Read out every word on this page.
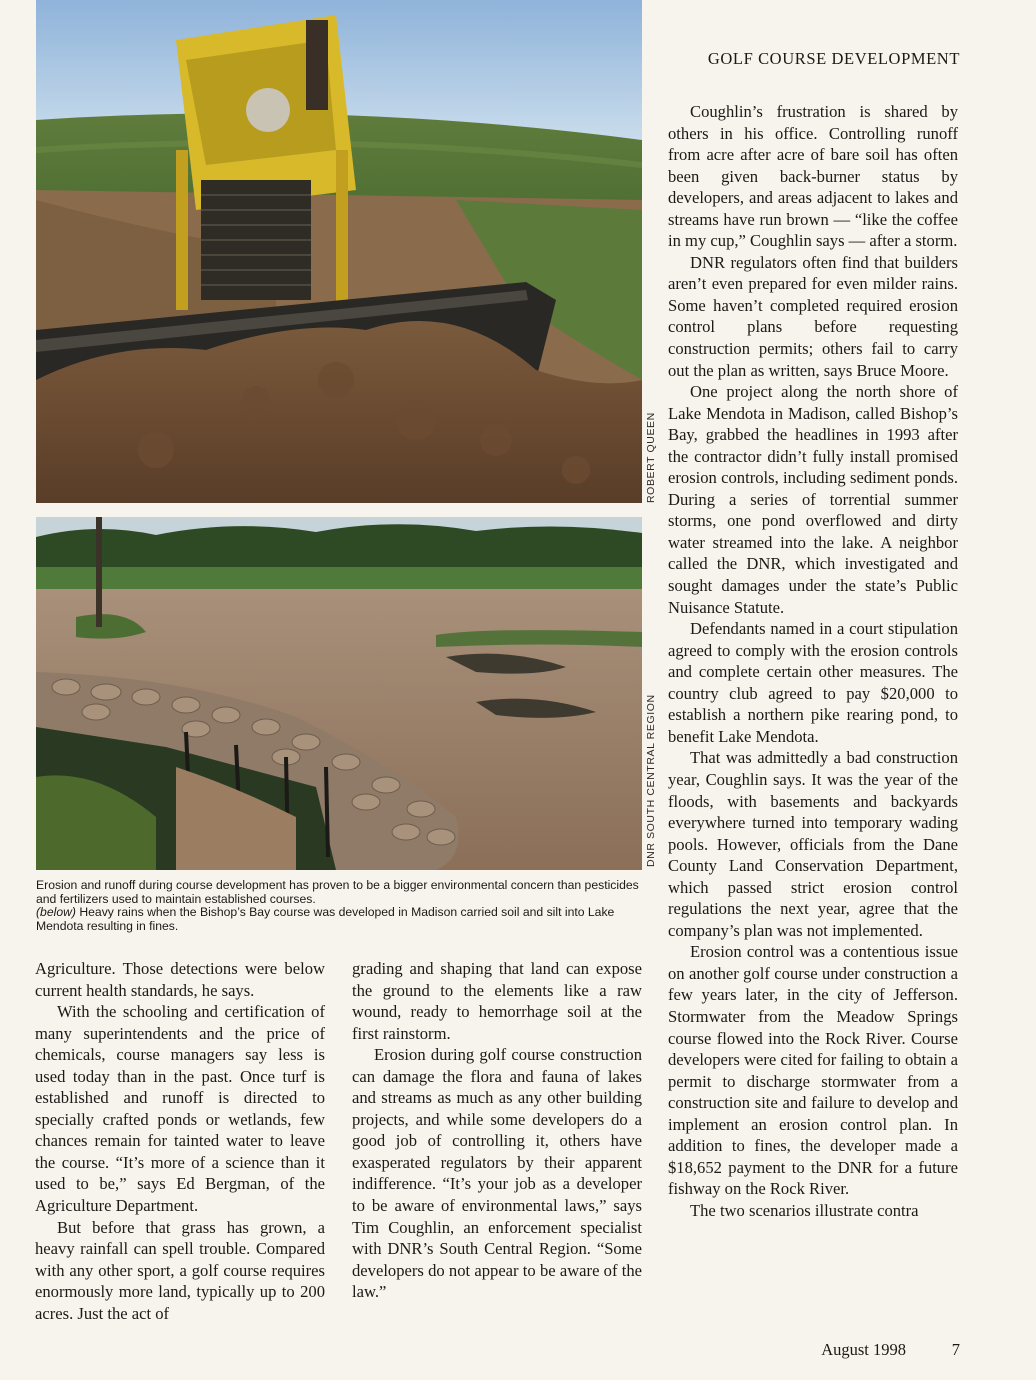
ROBERT QUEEN
DNR SOUTH CENTRAL REGION
GOLF COURSE DEVELOPMENT

Erosion and runoff during course development has proven to be a bigger environmental concern than pesticides and fertilizers used to maintain established courses.

(below) Heavy rains when the Bishop’s Bay course was developed in Madison carried soil and silt into Lake Mendota resulting in fines.

Agriculture. Those detections were below current health standards, he says.

With the schooling and certification of many superintendents and the price of chemicals, course managers say less is used today than in the past. Once turf is established and runoff is directed to specially crafted ponds or wetlands, few chances remain for tainted water to leave the course. “It’s more of a science than it used to be,” says Ed Bergman, of the Agriculture Department.

But before that grass has grown, a heavy rainfall can spell trouble. Compared with any other sport, a golf course requires enormously more land, typically up to 200 acres. Just the act of

grading and shaping that land can expose the ground to the elements like a raw wound, ready to hemorrhage soil at the first rainstorm.

Erosion during golf course construction can damage the flora and fauna of lakes and streams as much as any other building projects, and while some developers do a good job of controlling it, others have exasperated regulators by their apparent indifference. “It’s your job as a developer to be aware of environmental laws,” says Tim Coughlin, an enforcement specialist with DNR’s South Central Region. “Some developers do not appear to be aware of the law.”

Coughlin’s frustration is shared by others in his office. Controlling runoff from acre after acre of bare soil has often been given back-burner status by developers, and areas adjacent to lakes and streams have run brown — “like the coffee in my cup,” Coughlin says — after a storm.

DNR regulators often find that builders aren’t even prepared for even milder rains. Some haven’t completed required erosion control plans before requesting construction permits; others fail to carry out the plan as written, says Bruce Moore.

One project along the north shore of Lake Mendota in Madison, called Bishop’s Bay, grabbed the headlines in 1993 after the contractor didn’t fully install promised erosion controls, including sediment ponds. During a series of torrential summer storms, one pond overflowed and dirty water streamed into the lake. A neighbor called the DNR, which investigated and sought damages under the state’s Public Nuisance Statute.

Defendants named in a court stipulation agreed to comply with the erosion controls and complete certain other measures. The country club agreed to pay $20,000 to establish a northern pike rearing pond, to benefit Lake Mendota.

That was admittedly a bad construction year, Coughlin says. It was the year of the floods, with basements and backyards everywhere turned into temporary wading pools. However, officials from the Dane County Land Conservation Department, which passed strict erosion control regulations the next year, agree that the company’s plan was not implemented.

Erosion control was a contentious issue on another golf course under construction a few years later, in the city of Jefferson. Stormwater from the Meadow Springs course flowed into the Rock River. Course developers were cited for failing to obtain a permit to discharge stormwater from a construction site and failure to develop and implement an erosion control plan. In addition to fines, the developer made a $18,652 payment to the DNR for a future fishway on the Rock River.

The two scenarios illustrate contra

August 1998	7
